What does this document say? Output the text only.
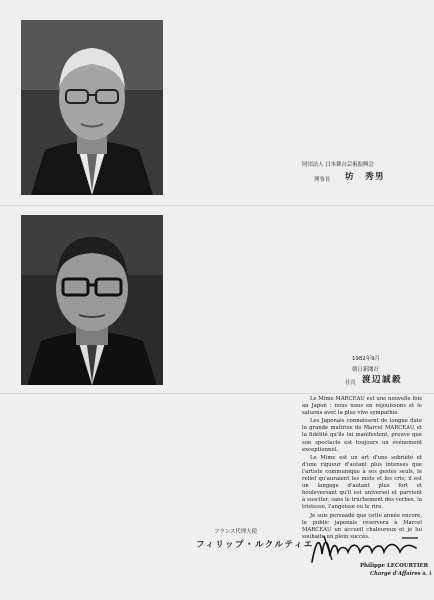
財団法人 日本舞台芸術振興会

理事長 坊　秀男

1982年9月

朝日新聞社

社長 渡辺誠毅

フランス代理大使

フィリップ・ルクルティエ

Le Mime MARCEAU est une nouvelle fois au Japon : nous nous en réjouissons et le saluons avec la plus vive sympathie.

Les Japonais connaissent de longue date la grande maîtrise de Marcel MARCEAU et la fidélité qu'ils lui manifestent, preuve que son spectacle est toujours un événement exceptionnel.

Le Mime est un art d'une sobriété et d'une rigueur d'autant plus intenses que l'artiste communique à ses gestes seuls, le relief qu'auraient les mots et les cris; il est un langage d'autant plus fort et bouleversant qu'il est universel et parvient à susciter, sans le truchement des verbes, la tristesse, l'angoisse ou le rire.

Je suis persuadé que cette année encore, le public japonais réservera à Marcel MARCEAU un accueil chaleureux et je lui souhaite un plein succès.

Philippe LECOURTIER

Chargé d'Affaires a. i
